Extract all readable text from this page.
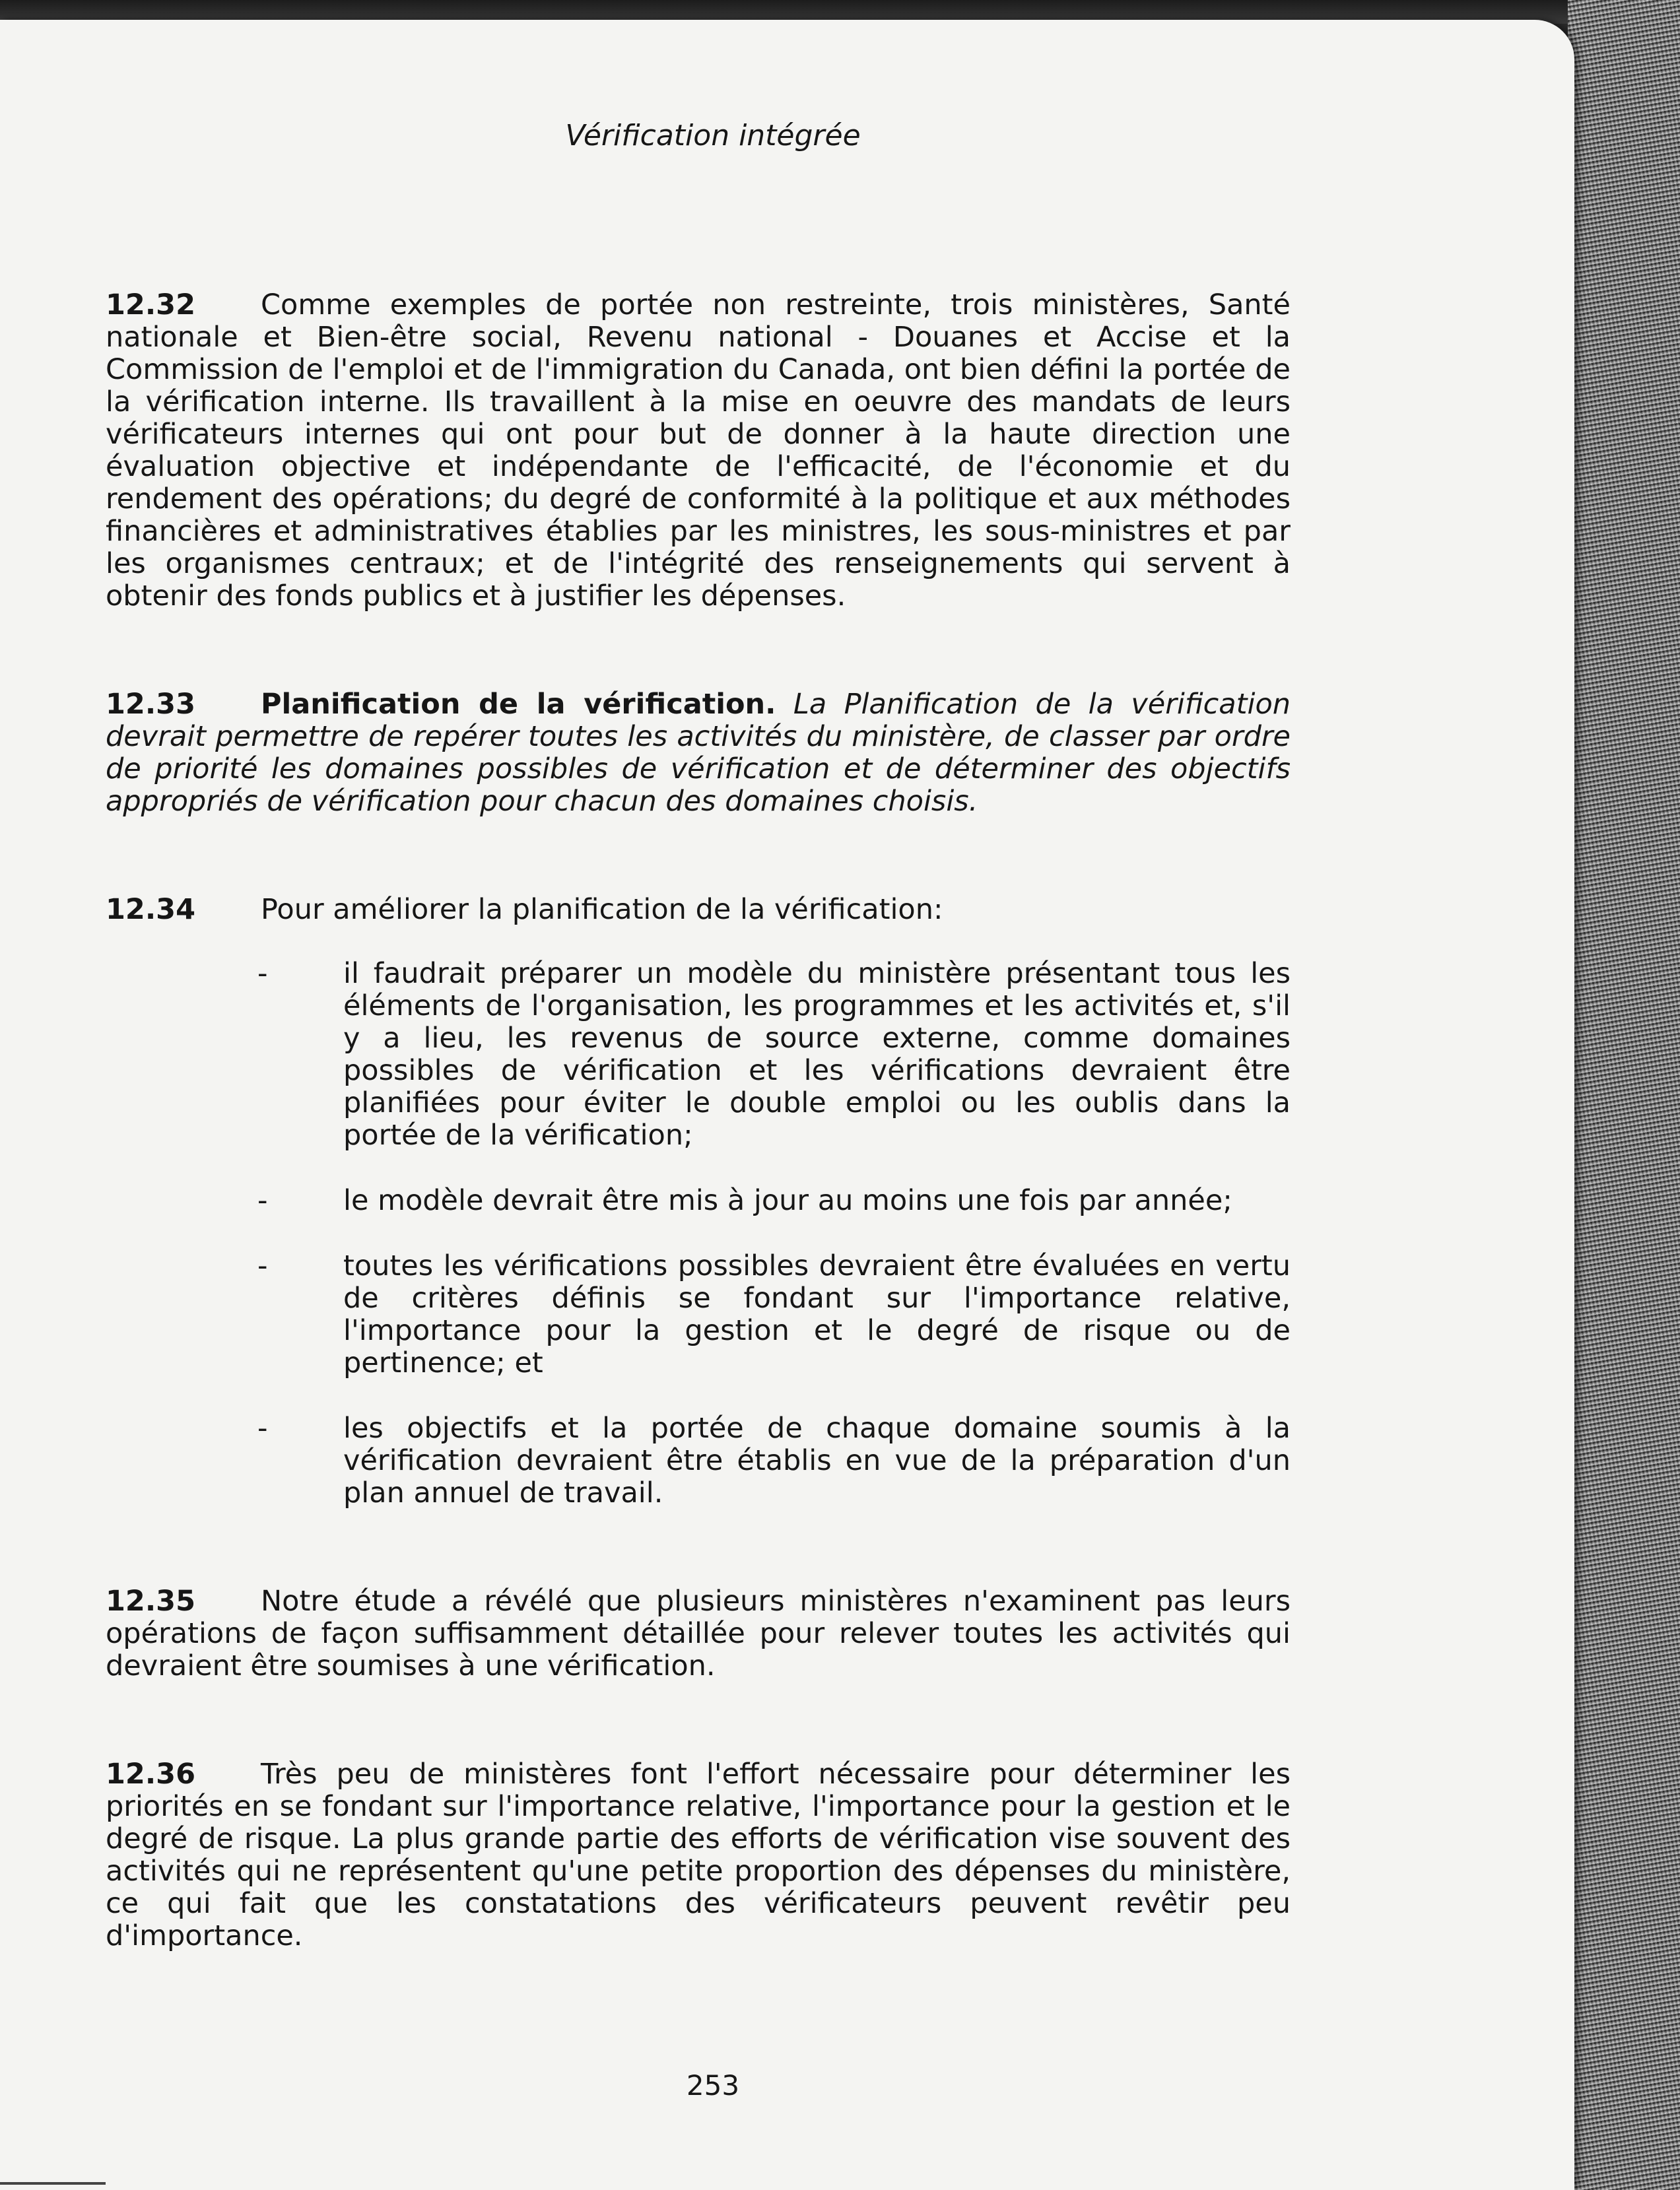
Vérification intégrée

12.32 Comme exemples de portée non restreinte, trois ministères, Santé nationale et Bien-être social, Revenu national - Douanes et Accise et la Commission de l'emploi et de l'immigration du Canada, ont bien défini la portée de la vérification interne. Ils travaillent à la mise en oeuvre des mandats de leurs vérificateurs internes qui ont pour but de donner à la haute direction une évaluation objective et indépendante de l'efficacité, de l'économie et du rendement des opérations; du degré de conformité à la politique et aux méthodes financières et administratives établies par les ministres, les sous-ministres et par les organismes centraux; et de l'intégrité des renseignements qui servent à obtenir des fonds publics et à justifier les dépenses.

12.33 Planification de la vérification. La Planification de la vérification devrait permettre de repérer toutes les activités du ministère, de classer par ordre de priorité les domaines possibles de vérification et de déterminer des objectifs appropriés de vérification pour chacun des domaines choisis.

12.34 Pour améliorer la planification de la vérification:

-	il faudrait préparer un modèle du ministère présentant tous les éléments de l'organisation, les programmes et les activités et, s'il y a lieu, les revenus de source externe, comme domaines possibles de vérification et les vérifications devraient être planifiées pour éviter le double emploi ou les oublis dans la portée de la vérification;
-	le modèle devrait être mis à jour au moins une fois par année;
-	toutes les vérifications possibles devraient être évaluées en vertu de critères définis se fondant sur l'importance relative, l'importance pour la gestion et le degré de risque ou de pertinence; et
-	les objectifs et la portée de chaque domaine soumis à la vérification devraient être établis en vue de la préparation d'un plan annuel de travail.

12.35 Notre étude a révélé que plusieurs ministères n'examinent pas leurs opérations de façon suffisamment détaillée pour relever toutes les activités qui devraient être soumises à une vérification.

12.36 Très peu de ministères font l'effort nécessaire pour déterminer les priorités en se fondant sur l'importance relative, l'importance pour la gestion et le degré de risque. La plus grande partie des efforts de vérification vise souvent des activités qui ne représentent qu'une petite proportion des dépenses du ministère, ce qui fait que les constatations des vérificateurs peuvent revêtir peu d'importance.

253
